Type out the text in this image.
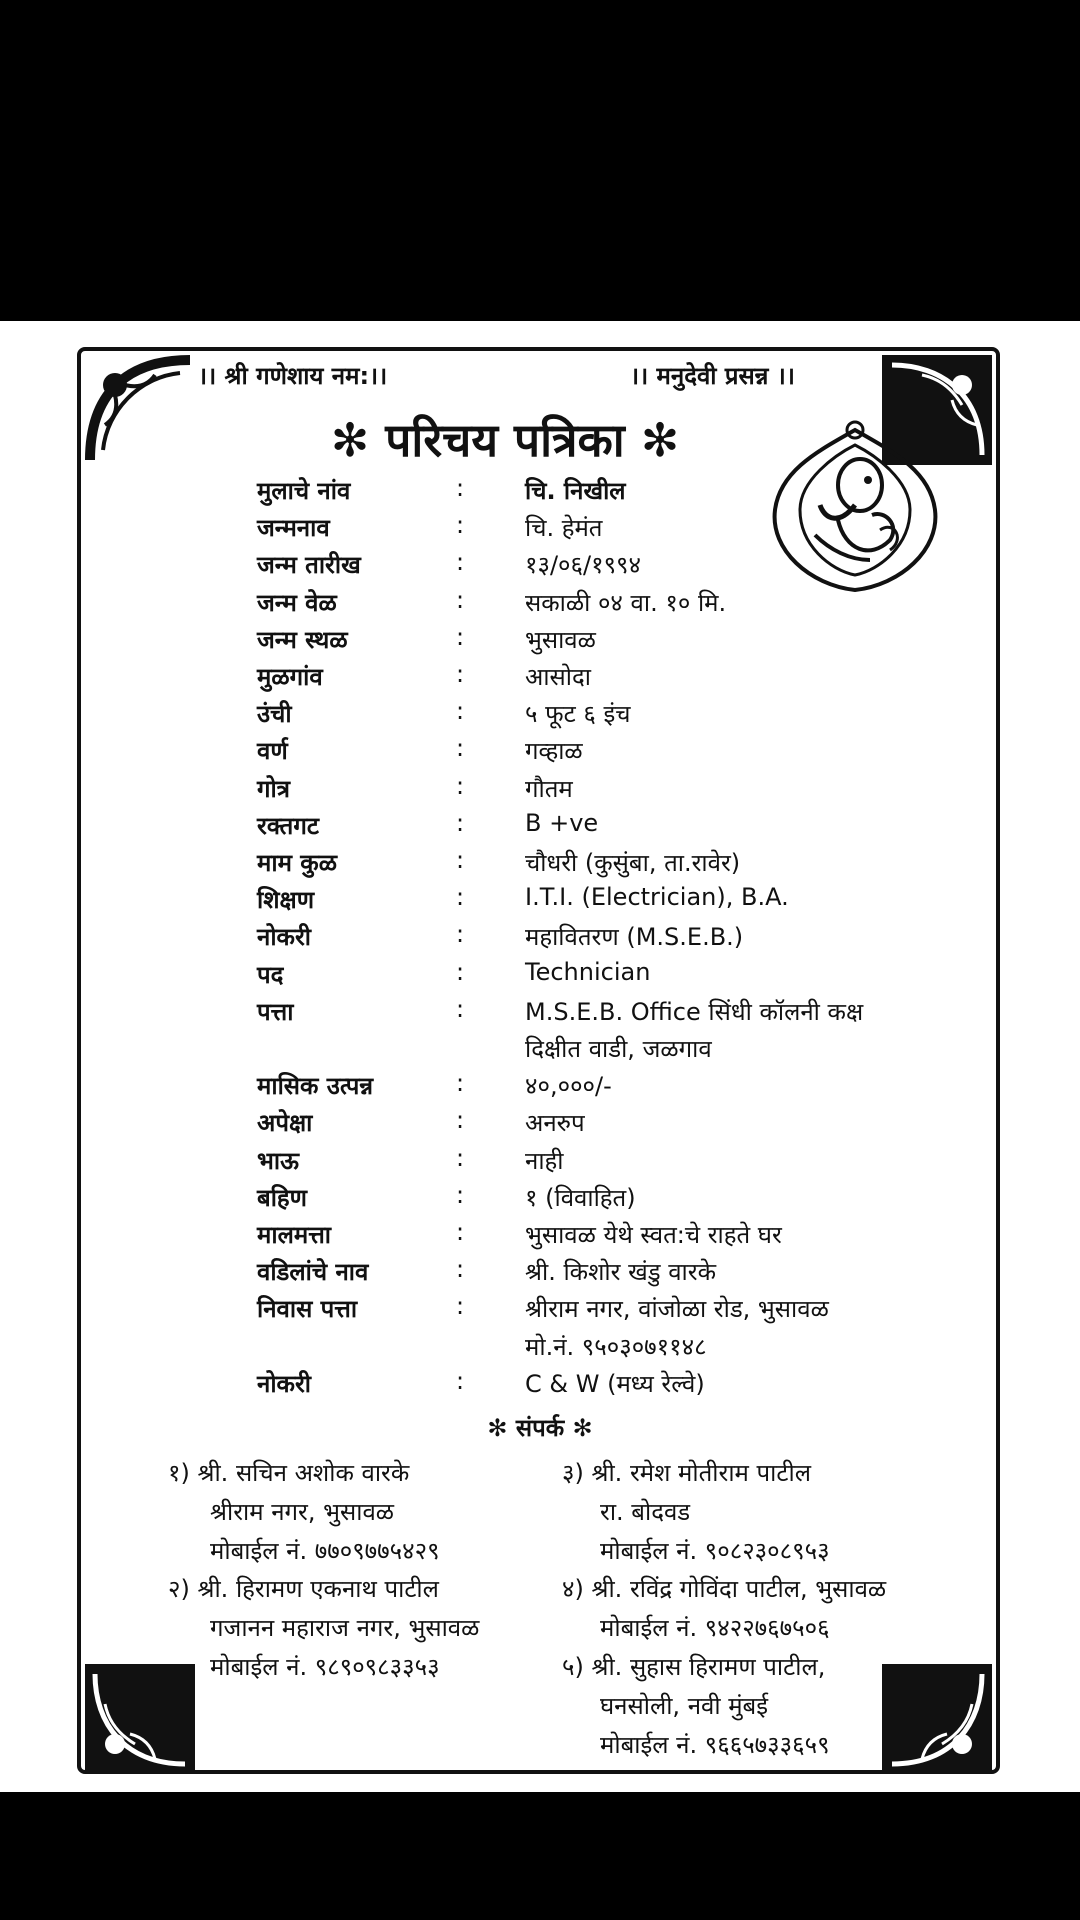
।। श्री गणेशाय नम:।।	।। मनुदेवी प्रसन्न ।।
✻ परिचय पत्रिका ✻
मुलाचे नांव	:	चि. निखील
जन्मनाव	:	चि. हेमंत
जन्म तारीख	:	१३/०६/१९९४
जन्म वेळ	:	सकाळी ०४ वा. १० मि.
जन्म स्थळ	:	भुसावळ
मुळगांव	:	आसोदा
उंची	:	५ फूट ६ इंच
वर्ण	:	गव्हाळ
गोत्र	:	गौतम
रक्तगट	:	B +ve
माम कुळ	:	चौधरी (कुसुंबा, ता.रावेर)
शिक्षण	:	I.T.I. (Electrician), B.A.
नोकरी	:	महावितरण (M.S.E.B.)
पद	:	Technician
पत्ता	:	M.S.E.B. Office सिंधी कॉलनी कक्ष
दिक्षीत वाडी, जळगाव
मासिक उत्पन्न	:	४०,०००/-
अपेक्षा	:	अनरुप
भाऊ	:	नाही
बहिण	:	१ (विवाहित)
मालमत्ता	:	भुसावळ येथे स्वत:चे राहते घर
वडिलांचे नाव	:	श्री. किशोर खंडु वारके
निवास पत्ता	:	श्रीराम नगर, वांजोळा रोड, भुसावळ
मो.नं. ९५०३०७११४८
नोकरी	:	C & W (मध्य रेल्वे)
✻ संपर्क ✻
१) श्री. सचिन अशोक वारके
श्रीराम नगर, भुसावळ
मोबाईल नं. ७७०९७७५४२९
२) श्री. हिरामण एकनाथ पाटील
गजानन महाराज नगर, भुसावळ
मोबाईल नं. ९८९०९८३३५३
३) श्री. रमेश मोतीराम पाटील
रा. बोदवड
मोबाईल नं. ९०८२३०८९५३
४) श्री. रविंद्र गोविंदा पाटील, भुसावळ
मोबाईल नं. ९४२२७६७५०६
५) श्री. सुहास हिरामण पाटील,
घनसोली, नवी मुंबई
मोबाईल नं. ९६६५७३३६५९
